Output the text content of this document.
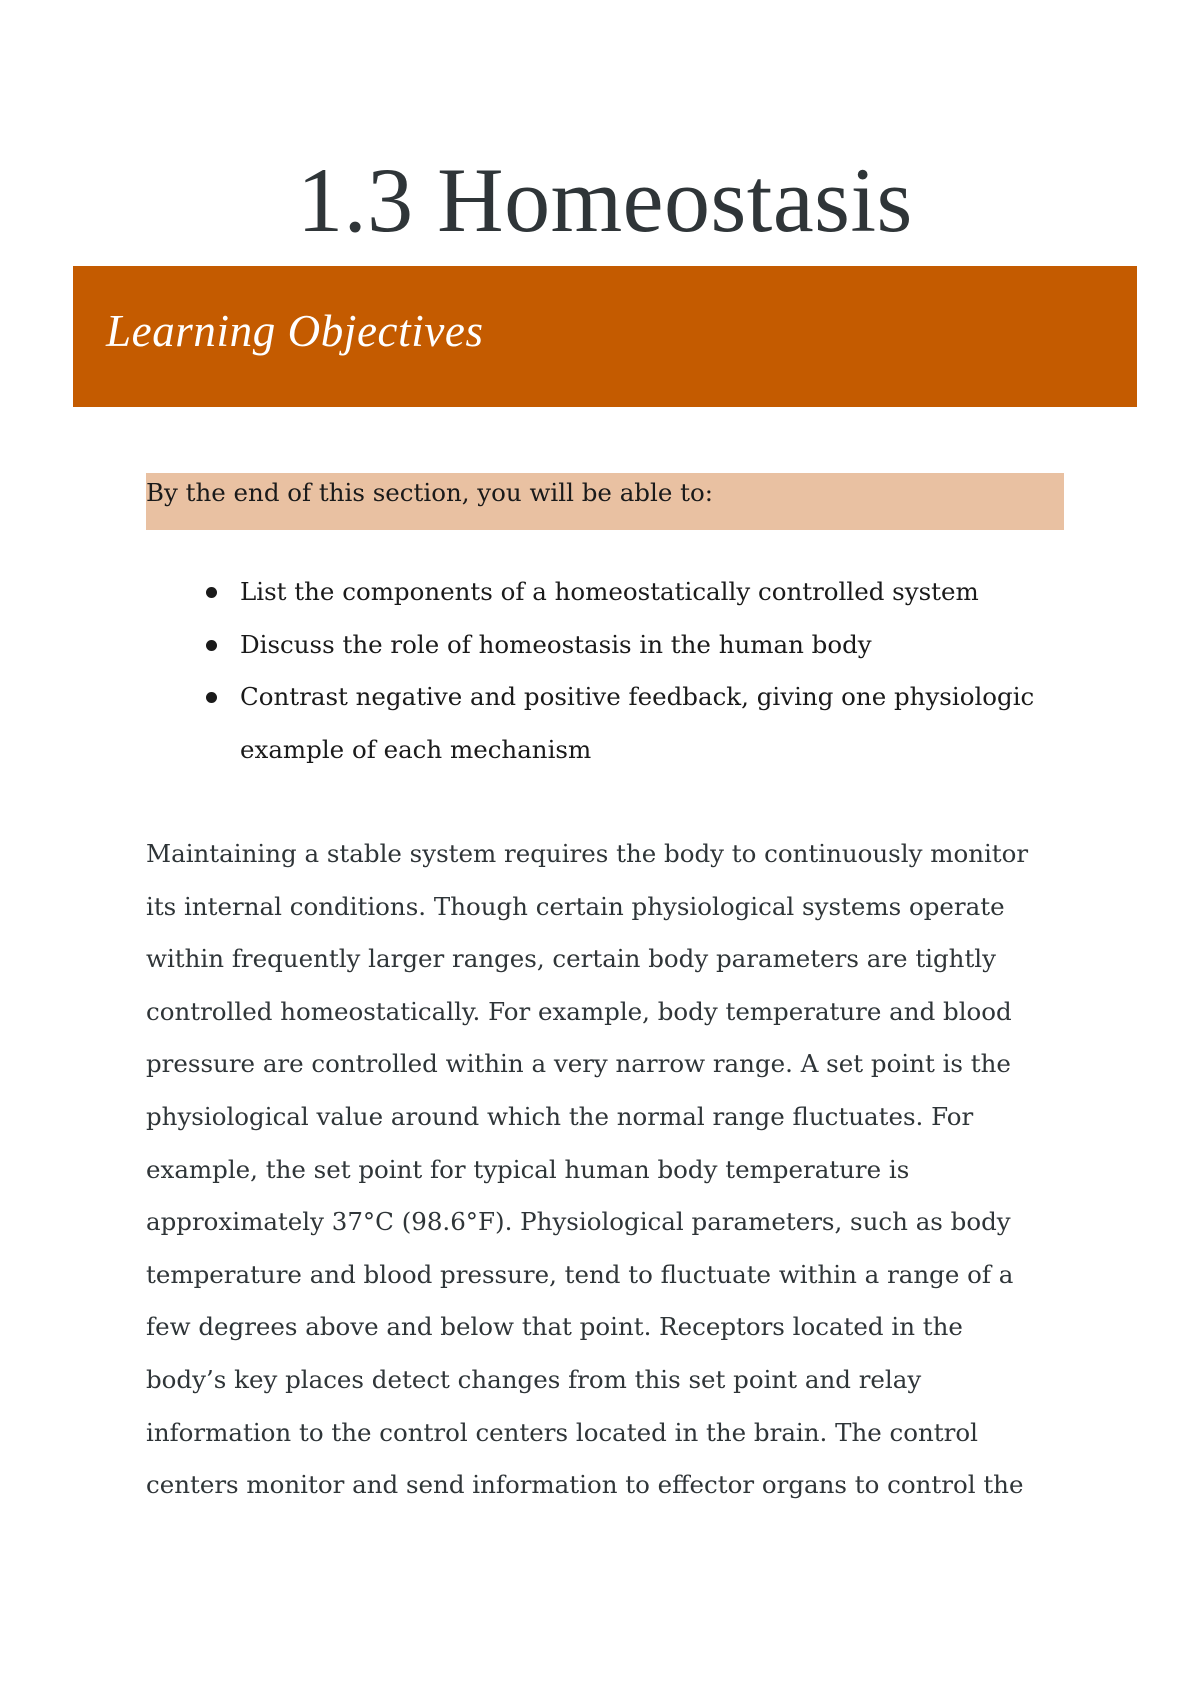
1.3 Homeostasis
Learning Objectives

By the end of this section, you will be able to:

List the components of a homeostatically controlled system
Discuss the role of homeostasis in the human body
Contrast negative and positive feedback, giving one physiologic
example of each mechanism

Maintaining a stable system requires the body to continuously monitor
its internal conditions. Though certain physiological systems operate
within frequently larger ranges, certain body parameters are tightly
controlled homeostatically. For example, body temperature and blood
pressure are controlled within a very narrow range. A set point is the
physiological value around which the normal range fluctuates. For
example, the set point for typical human body temperature is
approximately 37°C (98.6°F). Physiological parameters, such as body
temperature and blood pressure, tend to fluctuate within a range of a
few degrees above and below that point. Receptors located in the
body’s key places detect changes from this set point and relay
information to the control centers located in the brain. The control
centers monitor and send information to effector organs to control the
